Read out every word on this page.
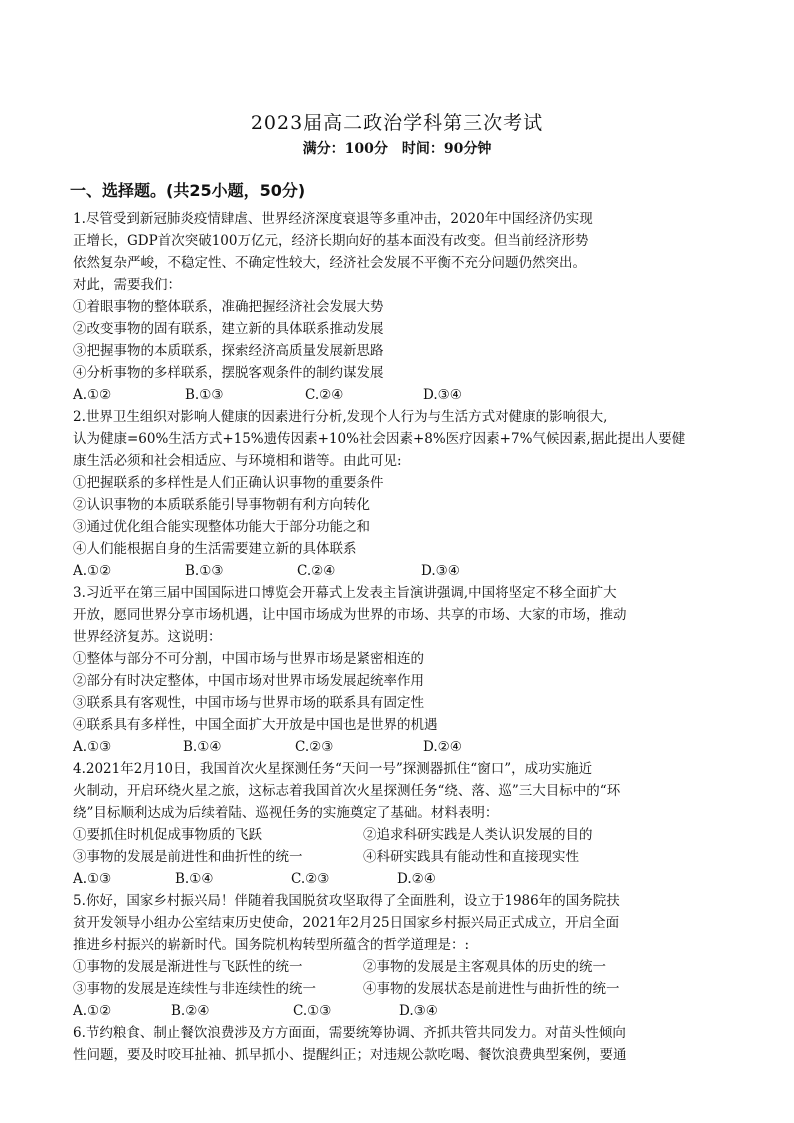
2023届高二政治学科第三次考试
满分：100分　时间：90分钟
一、选择题。(共25小题，50分)

1.尽管受到新冠肺炎疫情肆虐、世界经济深度衰退等多重冲击，2020年中国经济仍实现

正增长，GDP首次突破100万亿元，经济长期向好的基本面没有改变。但当前经济形势

依然复杂严峻，不稳定性、不确定性较大，经济社会发展不平衡不充分问题仍然突出。

对此，需要我们：

①着眼事物的整体联系，准确把握经济社会发展大势

②改变事物的固有联系，建立新的具体联系推动发展

③把握事物的本质联系，探索经济高质量发展新思路

④分析事物的多样联系，摆脱客观条件的制约谋发展

A.①②	B.①③	C.②④	D.③④

2.世界卫生组织对影响人健康的因素进行分析,发现个人行为与生活方式对健康的影响很大,

认为健康=60%生活方式+15%遗传因素+10%社会因素+8%医疗因素+7%气候因素,据此提出人要健

康生活必须和社会相适应、与环境相和谐等。由此可见:

①把握联系的多样性是人们正确认识事物的重要条件

②认识事物的本质联系能引导事物朝有利方向转化

③通过优化组合能实现整体功能大于部分功能之和

④人们能根据自身的生活需要建立新的具体联系

A.①②	B.①③	C.②④	D.③④

3.习近平在第三届中国国际进口博览会开幕式上发表主旨演讲强调,中国将坚定不移全面扩大

开放，愿同世界分享市场机遇，让中国市场成为世界的市场、共享的市场、大家的市场，推动

世界经济复苏。这说明：

①整体与部分不可分割，中国市场与世界市场是紧密相连的

②部分有时决定整体，中国市场对世界市场发展起统率作用

③联系具有客观性，中国市场与世界市场的联系具有固定性

④联系具有多样性，中国全面扩大开放是中国也是世界的机遇

A.①③	B.①④	C.②③	D.②④

4.2021年2月10日，我国首次火星探测任务“天问一号”探测器抓住“窗口”，成功实施近

火制动，开启环绕火星之旅，这标志着我国首次火星探测任务“绕、落、巡”三大目标中的“环

绕”目标顺利达成为后续着陆、巡视任务的实施奠定了基础。材料表明：

①要抓住时机促成事物质的飞跃	②追求科研实践是人类认识发展的目的
③事物的发展是前进性和曲折性的统一	④科研实践具有能动性和直接现实性
A.①③	B.①④	C.②③	D.②④

5.你好，国家乡村振兴局！伴随着我国脱贫攻坚取得了全面胜利，设立于1986年的国务院扶

贫开发领导小组办公室结束历史使命，2021年2月25日国家乡村振兴局正式成立，开启全面

推进乡村振兴的崭新时代。国务院机构转型所蕴含的哲学道理是：:

①事物的发展是渐进性与飞跃性的统一	②事物的发展是主客观具体的历史的统一
③事物的发展是连续性与非连续性的统一	④事物的发展状态是前进性与曲折性的统一
A.①②	B.②④	C.①③	D.③④

6.节约粮食、制止餐饮浪费涉及方方面面，需要统筹协调、齐抓共管共同发力。对苗头性倾向

性问题，要及时咬耳扯袖、抓早抓小、提醒纠正；对违规公款吃喝、餐饮浪费典型案例，要通
